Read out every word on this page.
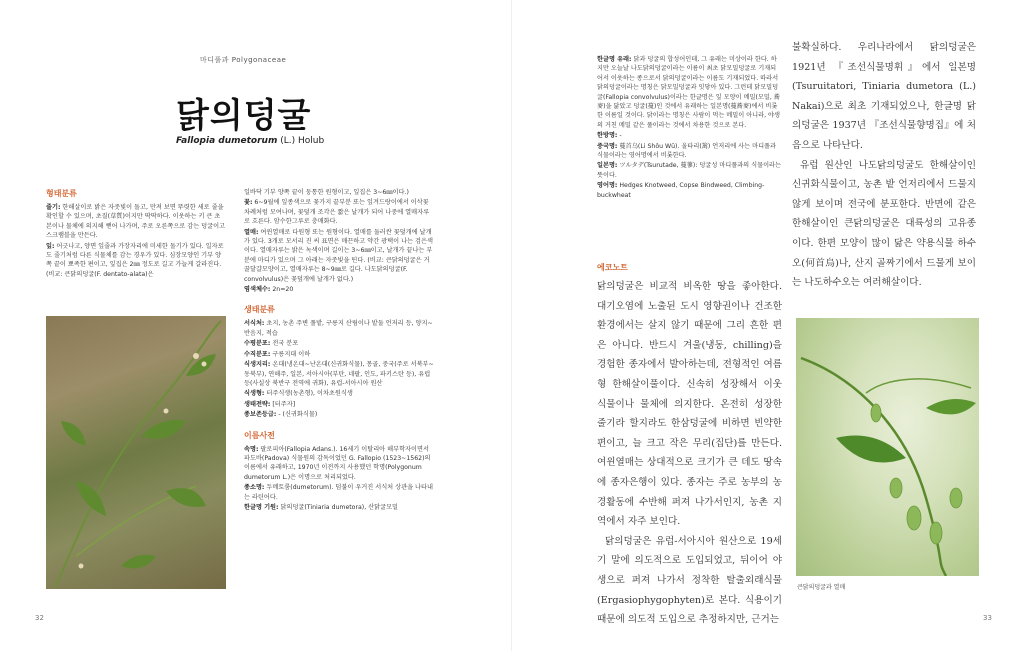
마디풀과 Polygonaceae
닭의덩굴
Fallopia dumetorum (L.) Holub
형태분류

줄기: 한해살이로 밝은 자줏빛이 돌고, 만져 보면 뚜렷한 세로 줄을 확인할 수 있으며, 초질(草質)이지만 딱딱하다. 이웃하는 키 큰 초본이나 물체에 의지해 뻗어 나가며, 주로 오른쪽으로 감는 덩굴이고 스크램블을 만든다.

잎: 어긋나고, 양면 잎줄과 가장자리에 미세한 돌기가 있다. 일자로도 줄기처럼 다른 식물체를 감는 경우가 있다. 심장모양인 기부 양쪽 끝이 뾰족한 편이고, 잎집은 2㎜ 정도로 길고 가늘게 갈라진다. (비교: 큰닭의덩굴(F. dentato-alata)은

일바닥 기부 양쪽 끝이 둥통한 원형이고, 잎집은 3~6㎜이다.)

꽃: 6~9월에 잎종색으로 꽃가지 끝부분 또는 잎겨드랑이에서 이삭꽃차례처럼 모여나며, 꽃덮개 조각은 짧은 날개가 되어 나중에 열매자루로 흐른다. 암수한그루로 충매화다.

열매: 여윈열매로 다원형 또는 원형이다. 열매를 둘러싼 꽃덮개에 날개가 있다. 3개로 모서리 진 씨 표면은 매끈하고 약간 광택이 나는 검은색이다. 열매자루는 밝은 녹색이며 길이는 3~6㎜이고, 날개가 끝나는 부분에 마디가 있으며 그 아래는 자줏빛을 띤다. (비교: 큰닭의덩굴은 거꿀달걀모양이고, 열매자루는 8~9㎜로 길다. 나도닭의덩굴(F. convolvulus)은 꽃덮개에 날개가 없다.)

염색체수: 2n=20

생태분류

서식처: 초지, 농촌 주변 풀밭, 구릉지 산림이나 밭둘 언저리 등, 양지~반음지, 적습

수평분포: 전국 분포

수직분포: 구릉지대 이하

식생지리: 온대(냉온대~난온대(신귀화식물), 몽골, 중국(주로 서북부~동북부), 연해주, 일본, 서아시아(부탄, 네팔, 인도, 파키스탄 등), 유럽 등(사실상 북반구 전역에 귀화), 유럽-서아시아 원산

식생형: 터주식생(농촌형), 이차초원식생

생태전략: [터주자]

종보존등급: - (신귀화식물)

이름사전

속명: 팔로피아(Fallopia Adans.). 16세기 이탈리아 해부학자이면서 파도바(Padova) 식물원의 감독이었던 G. Fallopio (1523~1562)의 이름에서 유래하고, 1970년 이전까지 사용했던 학명(Polygonum dumetorum L.)은 이명으로 처리되었다.

종소명: 두메토룸(dumetorum). 덤불이 우거진 서식처 상관을 나타내는 라틴어다.

한글명 기원: 닭의덩굴(Tiniaria dumetora), 산닭굴모밀

32

한글명 유래: 닭과 덩굴의 합성어인데, 그 유래는 미상이라 한다. 하지만 오늘날 나도닭의덩굴이라는 이름이 최초 닭모밀덩굴로 기재되어서 이웃하는 종으로서 닭의덩굴이라는 이름도 기재되었다. 따라서 닭의덩굴이라는 명칭은 닭모밀덩굴과 잇닿아 있다. 그런데 닭모밀덩굴(Fallopia convolvulus)이라는 한글명은 잎 모양이 메밀(모밀, 蕎麥)을 닮았고 덩굴(蔓)인 것에서 유래하는 일본명(蔓蕎麥)에서 비롯한 이름일 것이다. 닭이라는 명칭은 사람이 먹는 메밀이 아니라, 야생의 거친 메밀 같은 풀이라는 것에서 차용한 것으로 본다.

한방명: -

중국명: 蔓首乌(Li Shǒu Wū). 울타리(篱) 언저리에 사는 마디풀과 식물이라는 영어명에서 비롯한다.

일본명: ツルタデ(Tsurutade, 蔓蓼): 덩굴성 마디풀과의 식물이라는 뜻이다.

영어명: Hedges Knotweed, Copse Bindweed, Climbing-buckwheat

에코노트

닭의덩굴은 비교적 비옥한 땅을 좋아한다. 대기오염에 노출된 도시 영향권이나 건조한 환경에서는 살지 않기 때문에 그리 흔한 편은 아니다. 반드시 겨울(냉동, chilling)을 경험한 종자에서 발아하는데, 전형적인 여름형 한해살이풀이다. 신속히 성장해서 이웃 식물이나 물체에 의지한다. 온전히 성장한 줄기라 할지라도 한삼덩굴에 비하면 빈약한 편이고, 늘 크고 작은 무리(집단)를 만든다. 여윈열매는 상대적으로 크기가 큰 데도 땅속에 종자은행이 있다. 종자는 주로 농부의 농경활동에 수반해 퍼져 나가서인지, 농촌 지역에서 자주 보인다.

닭의덩굴은 유럽-서아시아 원산으로 19세기 말에 의도적으로 도입되었고, 뒤이어 야생으로 퍼져 나가서 정착한 탈출외래식물(Ergasiophygophyten)로 본다. 식용이기 때문에 의도적 도입으로 추정하지만, 근거는

불확실하다. 우리나라에서 닭의덩굴은 1921년 『조선식물명휘』에서 일본명(Tsuruitatori, Tiniaria dumetora (L.) Nakai)으로 최초 기재되었으나, 한글명 닭의덩굴은 1937년 『조선식물향명집』에 처음으로 나타난다.

유럽 원산인 나도닭의덩굴도 한해살이인 신귀화식물이고, 농촌 밭 언저리에서 드물지 않게 보이며 전국에 분포한다. 반면에 같은 한해살이인 큰닭의덩굴은 대륙성의 고유종이다. 한편 모양이 많이 닮은 약용식물 하수오(何首烏)나, 산지 골짜기에서 드물게 보이는 나도하수오는 여러해살이다.

큰닭의덩굴과 열매
33
